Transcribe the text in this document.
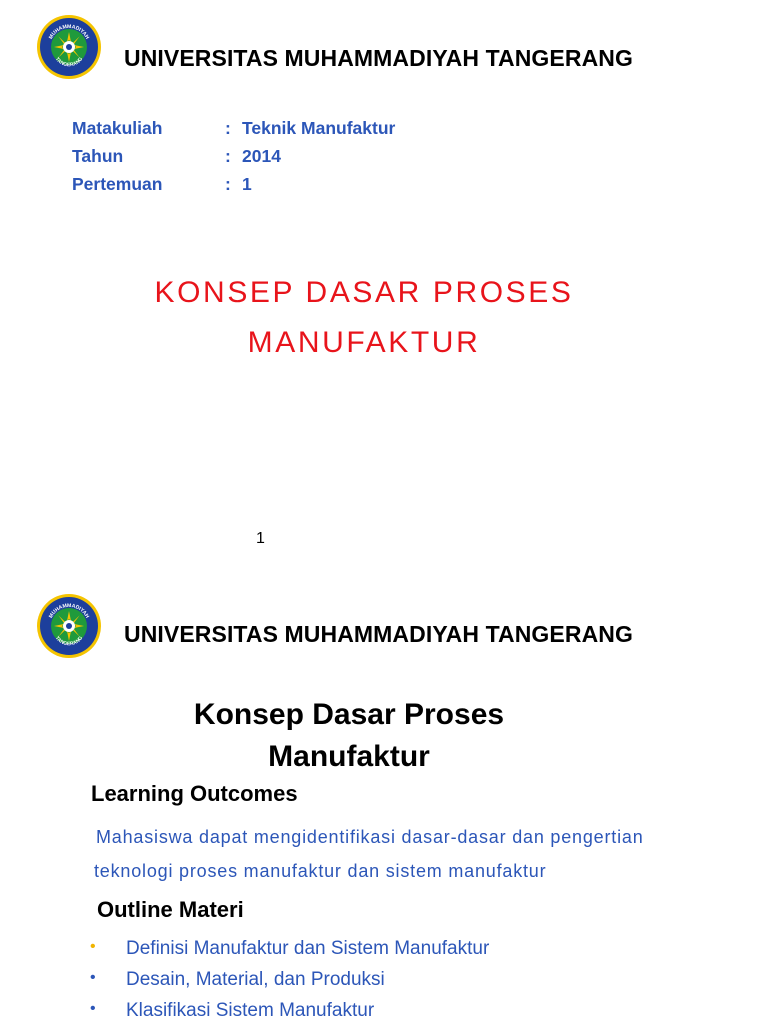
UNIVERSITAS MUHAMMADIYAH TANGERANG
Matakuliah	: Teknik Manufaktur
Tahun	: 2014
Pertemuan	: 1
KONSEP DASAR PROSES
MANUFAKTUR
1
UNIVERSITAS MUHAMMADIYAH TANGERANG
Konsep Dasar Proses
Manufaktur
Learning Outcomes
Mahasiswa dapat mengidentifikasi dasar-dasar dan pengertian
teknologi proses manufaktur dan sistem manufaktur
Outline Materi
• Definisi Manufaktur dan Sistem Manufaktur
• Desain, Material, dan Produksi
• Klasifikasi Sistem Manufaktur
